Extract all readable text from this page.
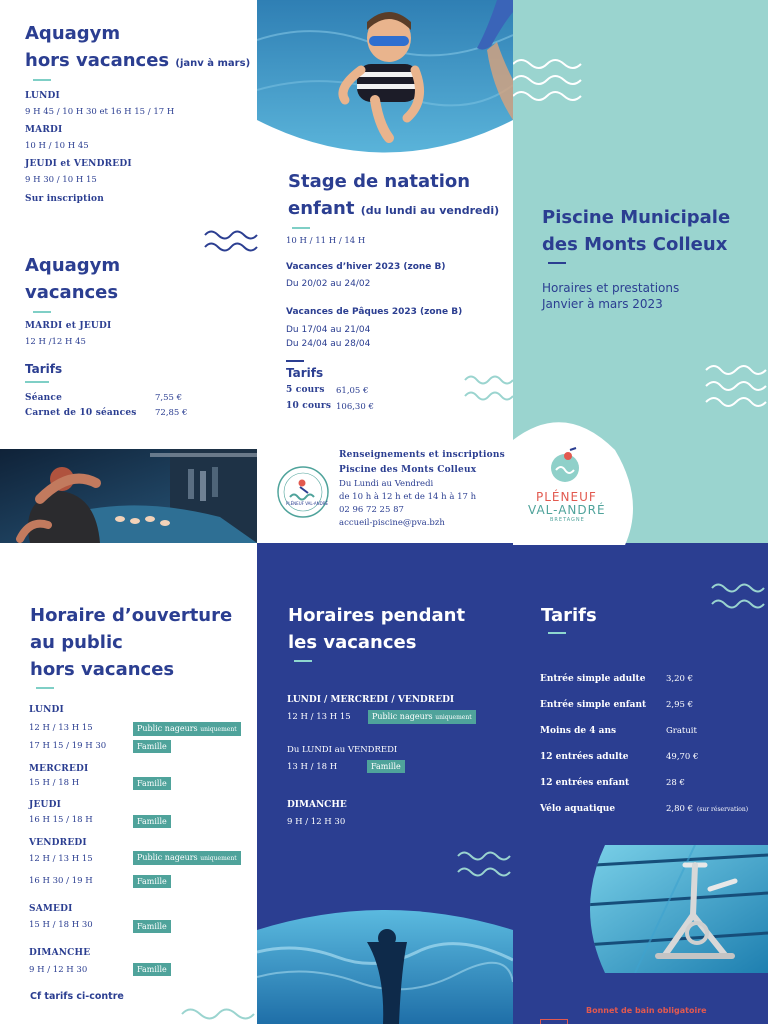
Aquagym
hors vacances (janv à mars)
LUNDI
9 H 45 / 10 H 30 et 16 H 15 / 17 H
MARDI
10 H / 10 H 45
JEUDI et VENDREDI
9 H 30 / 10 H 15
Sur inscription
Aquagym
vacances
MARDI et JEUDI
12 H /12 H 45
Tarifs
Séance	7,55 €
Carnet de 10 séances 72,85 €
Stage de natation
enfant (du lundi au vendredi)
10 H / 11 H / 14 H
Vacances d’hiver 2023 (zone B)
Du 20/02 au 24/02
Vacances de Pâques 2023 (zone B)
Du 17/04 au 21/04
Du 24/04 au 28/04
Tarifs
5 cours 61,05 €
10 cours 106,30 €
Piscine Municipale
des Monts Colleux
Horaires et prestations
Janvier à mars 2023
PLÉNEUF
VAL-ANDRÉ
BRETAGNE
PLÉNEUF VAL-ANDRÉ
Renseignements et inscriptions
Piscine des Monts Colleux
Du Lundi au Vendredi
de 10 h à 12 h et de 14 h à 17 h
02 96 72 25 87
accueil-piscine@pva.bzh
Horaire d’ouverture
au public
hors vacances
LUNDI
12 H / 13 H 15	Public nageurs uniquement
17 H 15 / 19 H 30	Famille
MERCREDI
15 H / 18 H	Famille
JEUDI
16 H 15 / 18 H	Famille
VENDREDI
12 H / 13 H 15	Public nageurs uniquement
16 H 30 / 19 H	Famille
SAMEDI
15 H / 18 H 30	Famille
DIMANCHE
9 H / 12 H 30	Famille
Cf tarifs ci-contre
Horaires pendant
les vacances
LUNDI / MERCREDI / VENDREDI
12 H / 13 H 15	Public nageurs uniquement
Du LUNDI au VENDREDI
13 H / 18 H	Famille
DIMANCHE
9 H / 12 H 30
Tarifs
Entrée simple adulte 3,20 €
Entrée simple enfant 2,95 €
Moins de 4 ans	Gratuit
12 entrées adulte	49,70 €
12 entrées enfant	28 €
Vélo aquatique	2,80 € (sur réservation)
Bonnet de bain obligatoire
